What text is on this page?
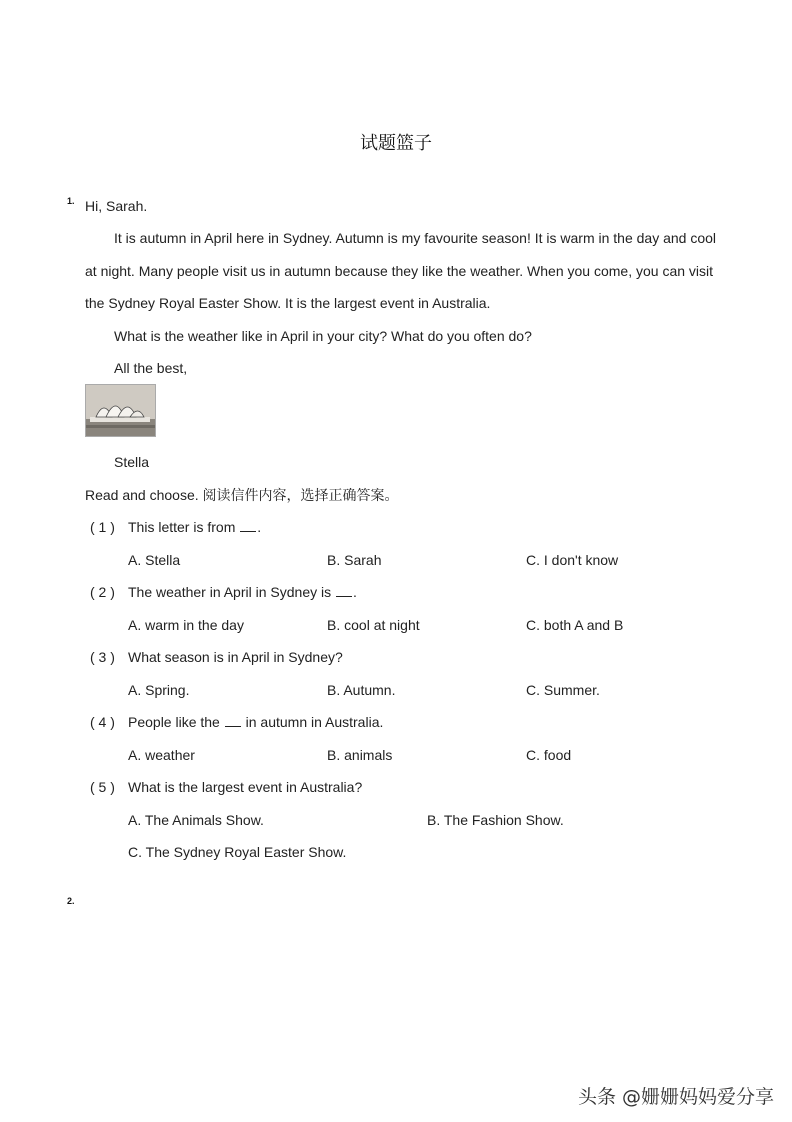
试题篮子
1. Hi, Sarah.
It is autumn in April here in Sydney. Autumn is my favourite season! It is warm in the day and cool
at night. Many people visit us in autumn because they like the weather. When you come, you can visit
the Sydney Royal Easter Show. It is the largest event in Australia.
What is the weather like in April in your city? What do you often do?
All the best,
Stella
Read and choose. 阅读信件内容，选择正确答案。
( 1 ) This letter is from .
A. Stella	B. Sarah	C. I don't know
( 2 ) The weather in April in Sydney is .
A. warm in the day	B. cool at night	C. both A and B
( 3 ) What season is in April in Sydney?
A. Spring.	B. Autumn.	C. Summer.
( 4 ) People like the  in autumn in Australia.
A. weather	B. animals	C. food
( 5 ) What is the largest event in Australia?
A. The Animals Show.	B. The Fashion Show.
C. The Sydney Royal Easter Show.
2.
头条 @姗姗妈妈爱分享
